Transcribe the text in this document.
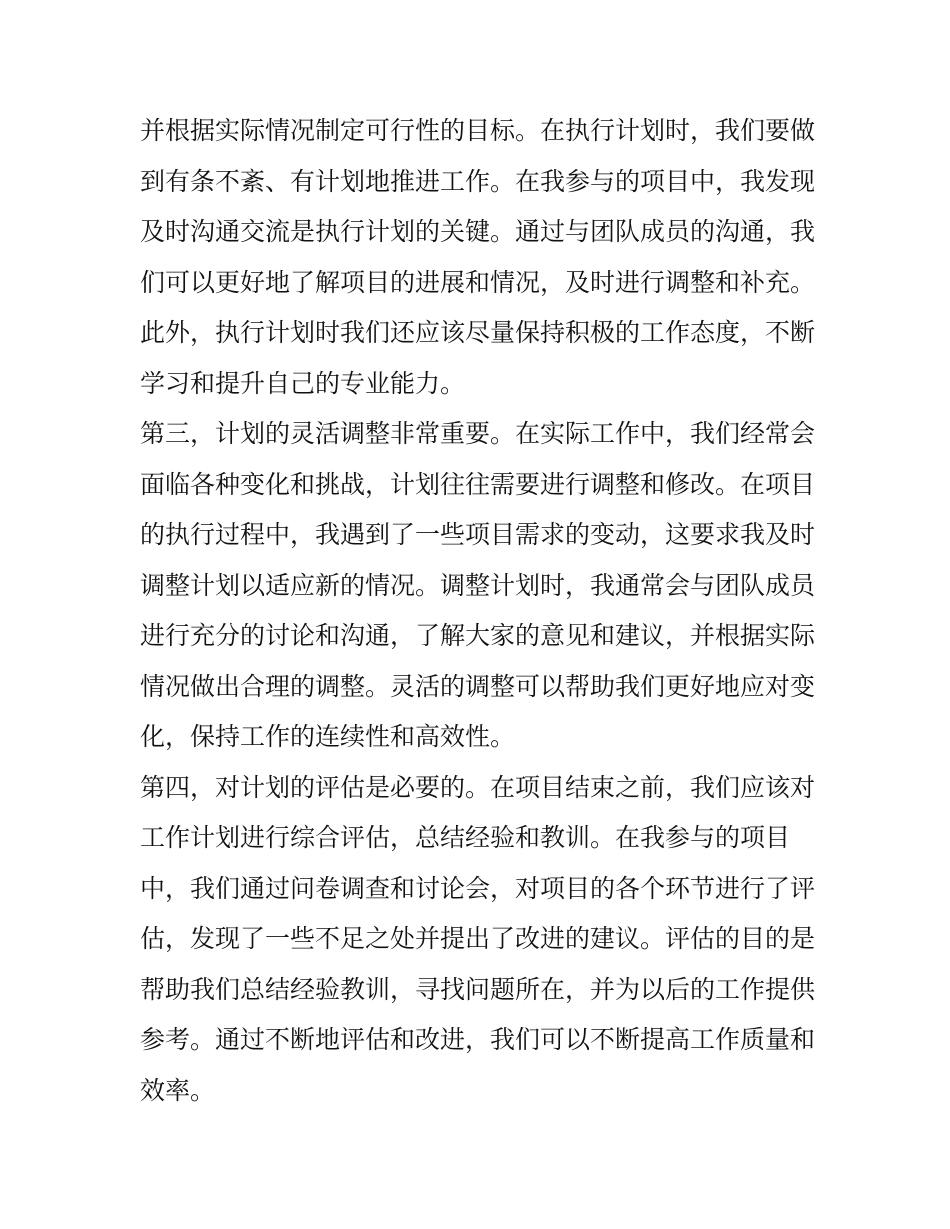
并根据实际情况制定可行性的目标。在执行计划时，我们要做
到有条不紊、有计划地推进工作。在我参与的项目中，我发现
及时沟通交流是执行计划的关键。通过与团队成员的沟通，我
们可以更好地了解项目的进展和情况，及时进行调整和补充。
此外，执行计划时我们还应该尽量保持积极的工作态度，不断
学习和提升自己的专业能力。
第三，计划的灵活调整非常重要。在实际工作中，我们经常会
面临各种变化和挑战，计划往往需要进行调整和修改。在项目
的执行过程中，我遇到了一些项目需求的变动，这要求我及时
调整计划以适应新的情况。调整计划时，我通常会与团队成员
进行充分的讨论和沟通，了解大家的意见和建议，并根据实际
情况做出合理的调整。灵活的调整可以帮助我们更好地应对变
化，保持工作的连续性和高效性。
第四，对计划的评估是必要的。在项目结束之前，我们应该对
工作计划进行综合评估，总结经验和教训。在我参与的项目
中，我们通过问卷调查和讨论会，对项目的各个环节进行了评
估，发现了一些不足之处并提出了改进的建议。评估的目的是
帮助我们总结经验教训，寻找问题所在，并为以后的工作提供
参考。通过不断地评估和改进，我们可以不断提高工作质量和
效率。
